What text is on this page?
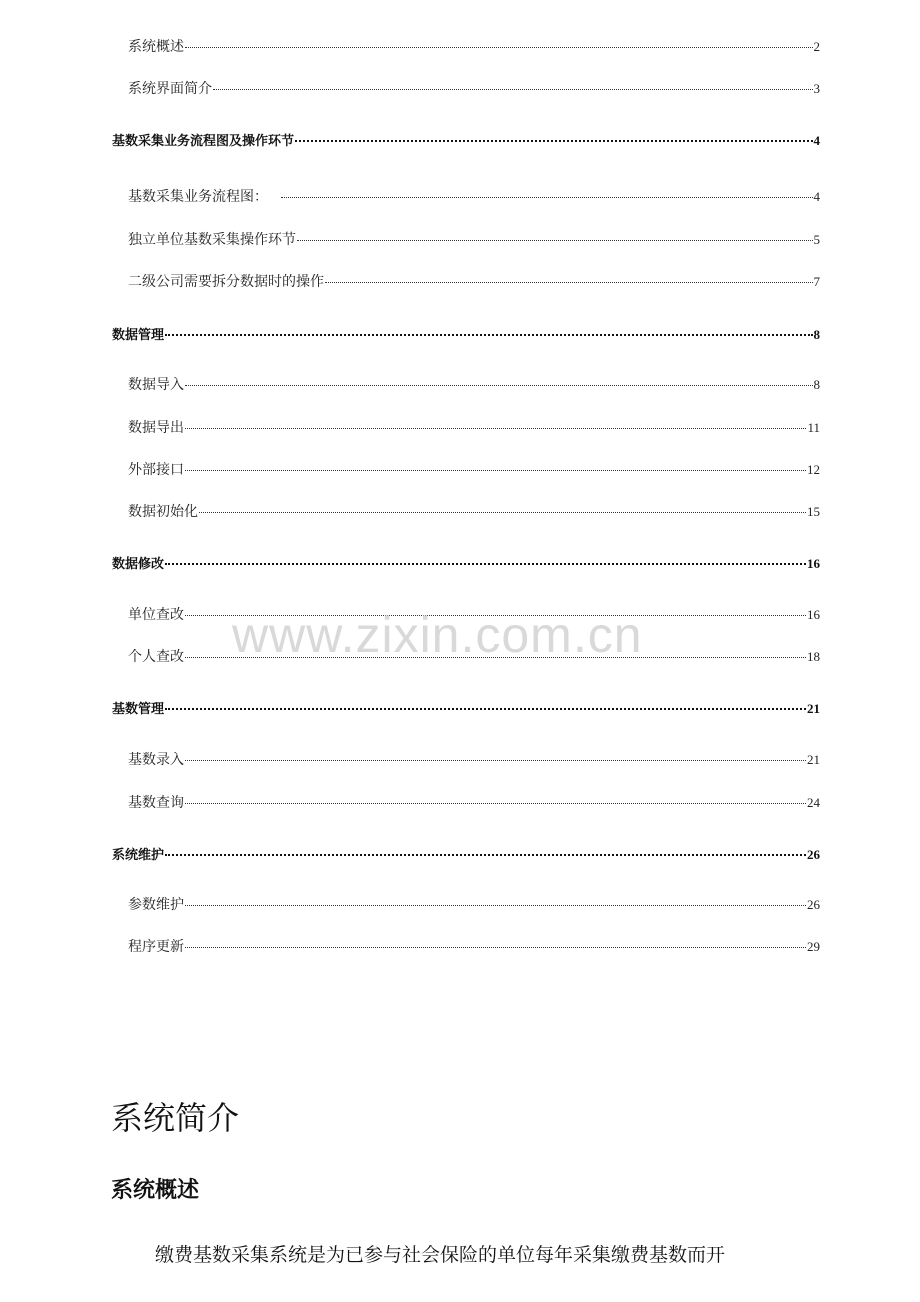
系统概述	2
系统界面简介	3
基数采集业务流程图及操作环节	4
基数采集业务流程图：	4
独立单位基数采集操作环节	5
二级公司需要拆分数据时的操作	7
数据管理	8
数据导入	8
数据导出	11
外部接口	12
数据初始化	15
数据修改	16
单位查改	16
个人查改	18
基数管理	21
基数录入	21
基数查询	24
系统维护	26
参数维护	26
程序更新	29
www.zixin.com.cn
系统简介
系统概述

缴费基数采集系统是为已参与社会保险的单位每年采集缴费基数而开
